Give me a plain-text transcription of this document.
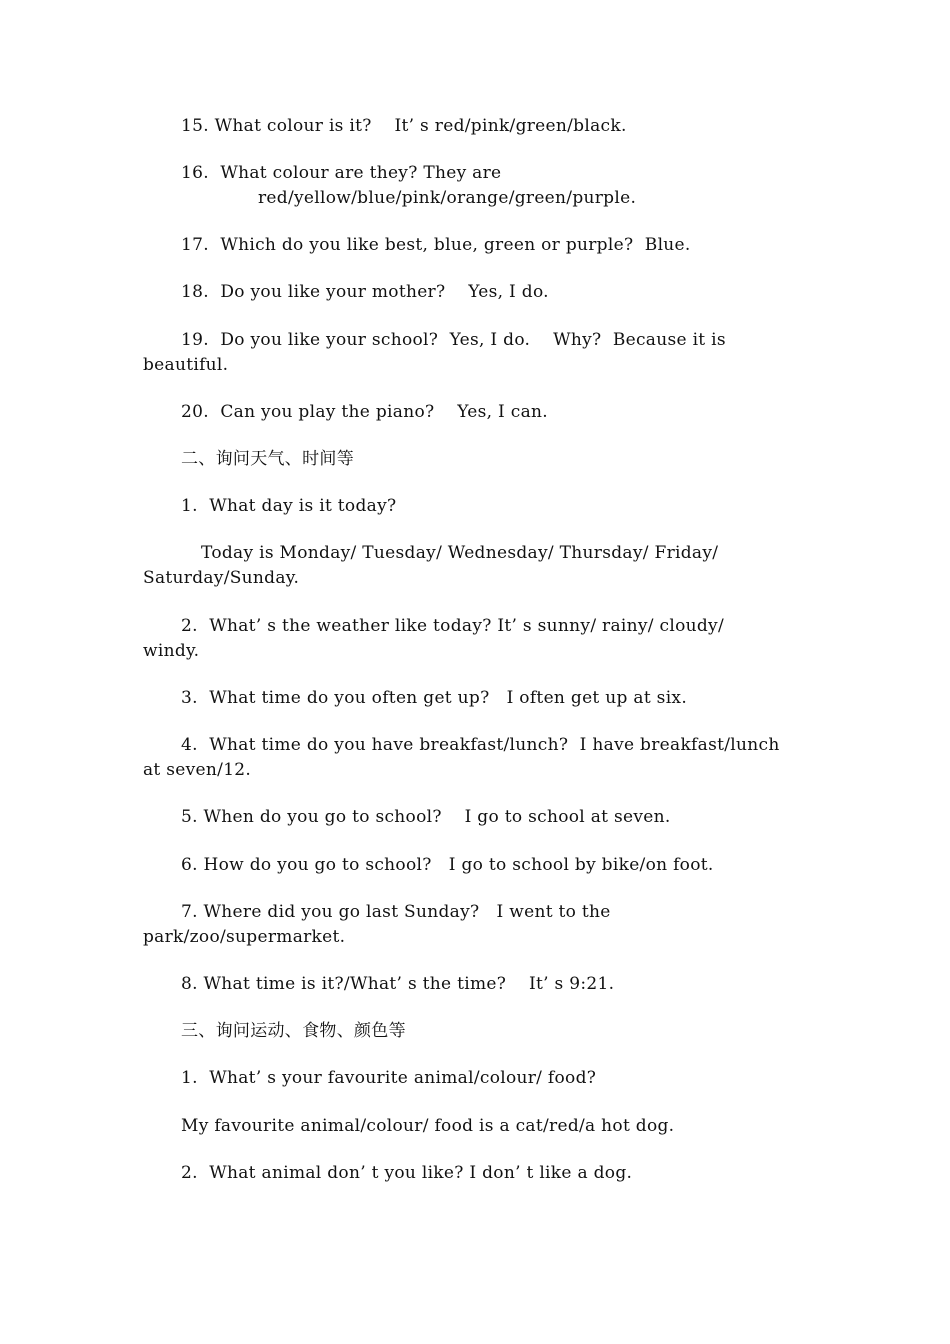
15. What colour is it?    It’ s red/pink/green/black.
16.  What colour are they? They are
red/yellow/blue/pink/orange/green/purple.
17.  Which do you like best, blue, green or purple?  Blue.
18.  Do you like your mother?    Yes, I do.
19.  Do you like your school?  Yes, I do.    Why?  Because it is
beautiful.
20.  Can you play the piano?    Yes, I can.
二、询问天气、时间等
1.  What day is it today?
Today is Monday/ Tuesday/ Wednesday/ Thursday/ Friday/
Saturday/Sunday.
2.  What’ s the weather like today? It’ s sunny/ rainy/ cloudy/
windy.
3.  What time do you often get up?   I often get up at six.
4.  What time do you have breakfast/lunch?  I have breakfast/lunch
at seven/12.
5. When do you go to school?    I go to school at seven.
6. How do you go to school?   I go to school by bike/on foot.
7. Where did you go last Sunday?   I went to the
park/zoo/supermarket.
8. What time is it?/What’ s the time?    It’ s 9:21.
三、询问运动、食物、颜色等
1.  What’ s your favourite animal/colour/ food?
My favourite animal/colour/ food is a cat/red/a hot dog.
2.  What animal don’ t you like? I don’ t like a dog.
